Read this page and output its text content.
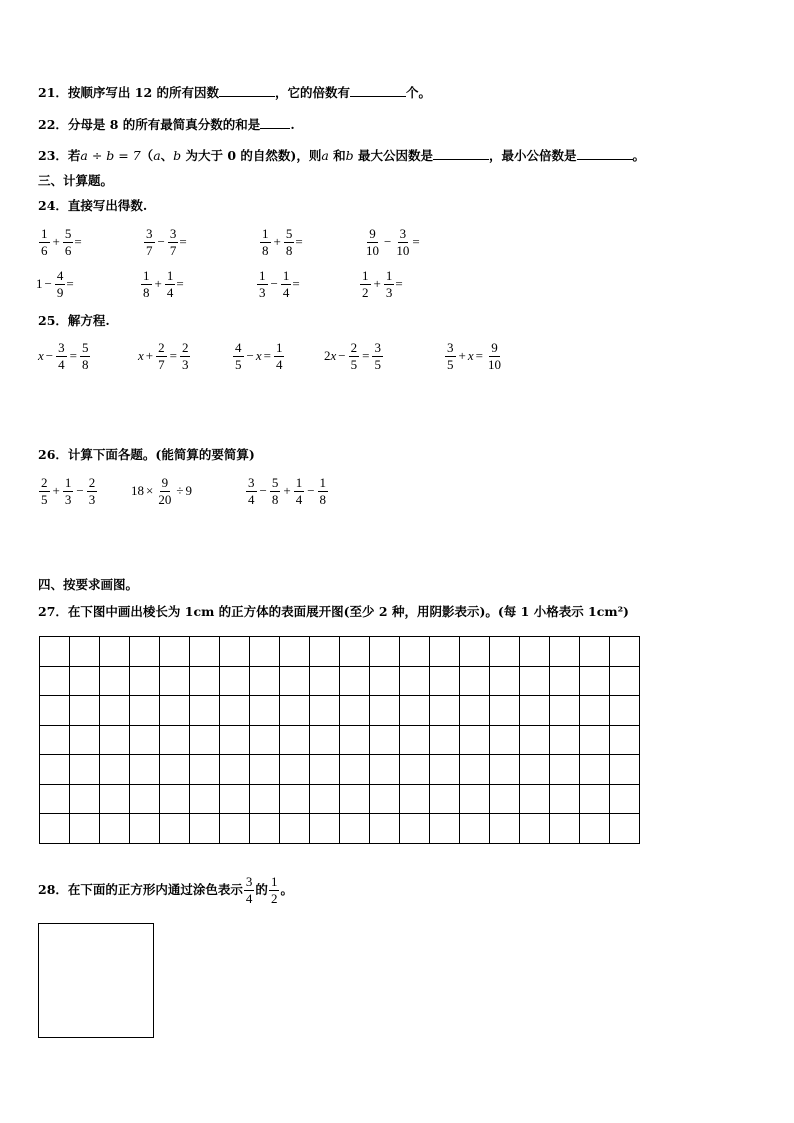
21．按顺序写出 12 的所有因数	，它的倍数有	个。
22．分母是 8 的所有最简真分数的和是 .
23．若a ÷ b = 7（a、b 为大于 0 的自然数)，则a 和b 最大公因数是	，最小公倍数是	。
三、计算题。
24．直接写出得数.
$\frac{1}{6} + \frac{5}{6}$ =	$\frac{3}{7} - \frac{3}{7}$ =	$\frac{1}{8} + \frac{5}{8}$ =	$\frac{9}{10} - \frac{3}{10}$ =
$1 - \frac{4}{9}$ =	$\frac{1}{8} + \frac{1}{4}$ =	$\frac{1}{3} - \frac{1}{4}$ =	$\frac{1}{2} + \frac{1}{3}$ =
25．解方程.
$x - \frac{3}{4} = \frac{5}{8}$	$x + \frac{2}{7} = \frac{2}{3}$	$\frac{4}{5} - x = \frac{1}{4}$	2 $x - \frac{2}{5} = \frac{3}{5}$	$\frac{3}{5} + x = \frac{9}{10}$
26．计算下面各题。(能简算的要简算)
$\frac{2}{5} + \frac{1}{3} - \frac{2}{3}$	$18 \times \frac{9}{20} \div 9$	$\frac{3}{4} - \frac{5}{8} + \frac{1}{4} - \frac{1}{8}$
四、按要求画图。
27．在下图中画出棱长为 1cm 的正方体的表面展开图(至少 2 种，用阴影表示)。(每 1 小格表示 1cm²)

28． 在下面的正方形内通过涂色表示 $\frac{3}{4}$ 的 $\frac{1}{2}$ 。
